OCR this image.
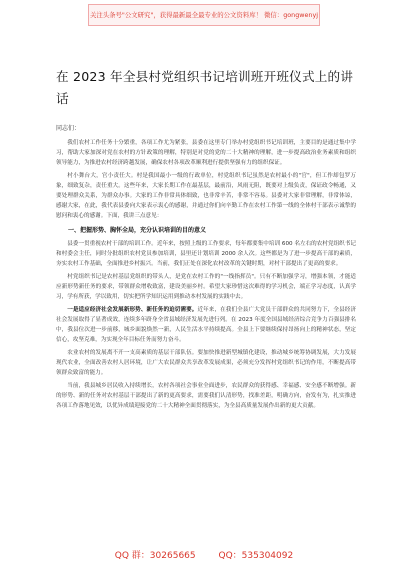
关注头条号"公文研究"，获得最新最全最专业的公文资料库！ 微信：gongwenyj
在 2023 年全县村党组织书记培训班开班仪式上的讲话
同志们：

我们农村工作任务十分繁重，各项工作尤为紧张，县委在这里专门举办村党组织书记培训班，主要目的是通过集中学习，帮助大家加深对党在农村的方针政策的理解，特别是对党的党的二十大精神的理解，进一步提高政治业务素质和组织领导能力，为推进农村经济跨越发展，确保农村各项改革顺利进行提供坚强有力的组织保证。

村小舞台大，官小责任大。村是我国最小一级的行政单位，村党组织书记虽然是农村最小的"官"，但工作却包罗万象，细致复杂，责任重大。这些年来，大家长期工作在最基层，最前沿，风雨无阻，既要对上级负责，保证政令畅通，又要处理群众关系，为群众办事。大家的工作非常具体细致，也非常辛苦，非常不容易。县委对大家非常理解，非常体谅，感谢大家，在此，我代表县委向大家表示衷心的感谢，并通过你们向辛勤工作在农村工作第一线的全体村干部表示诚挚的慰问和衷心的感谢。下面，我讲三点意见：

一、把握形势、胸怀全局，充分认识培训的目的意义

县委一贯重视农村干部的培训工作。近年来，按照上级的工作要求，每年都要集中培训 600 名左右的农村党组织书记和村委会主任，同时分批组织农村党员参加培训，县里还计划培训 2000 余人次。这些都是为了进一步提高干部的素质，夯实农村工作基础，全面推进乡村振兴。当前，我们正处在深化农村改革的关键时期，对村干部提出了更高的要求。

村党组织书记是农村基层党组织的带头人，是党在农村工作的"一线指挥员"。只有不断加强学习，增强本领，才能适应新形势新任务的要求，带领群众增收致富，建设美丽乡村。希望大家珍惜这次难得的学习机会，端正学习态度，认真学习，学有所获，学以致用，切实把所学知识运用到推动本村发展的实践中去。

一是适应经济社会发展新形势、新任务的迫切需要。近年来，在我们全县广大党员干部群众的共同努力下，全县经济社会发展取得了显著成效，连续多年跻身全省县域经济发展先进行列。在 2023 年度全国县域经济综合竞争力百强县排名中，我县位次进一步前移，城乡面貌焕然一新，人民生活水平持续提高。全县上下要继续保持昂扬向上的精神状态，坚定信心，攻坚克难，为实现全年目标任务而努力奋斗。

农业农村的发展离不开一支高素质的基层干部队伍。要加快推进新型城镇化建设，推动城乡统筹协调发展，大力发展现代农业，全面改善农村人居环境，让广大农民群众共享改革发展成果，必须充分发挥村党组织书记的作用，不断提高带领群众致富的能力。

当前，我县城乡居民收入持续增长，农村各项社会事业全面进步，农民群众的获得感、幸福感、安全感不断增强。新的形势、新的任务对农村基层干部提出了新的更高要求，需要我们认清形势，找准差距，明确方向，奋发有为，扎实推进各项工作落地见效，以优异成绩迎接党的二十大精神全面贯彻落实，为全县高质量发展作出新的更大贡献。

QQ 群：30265665	QQ：535304092
